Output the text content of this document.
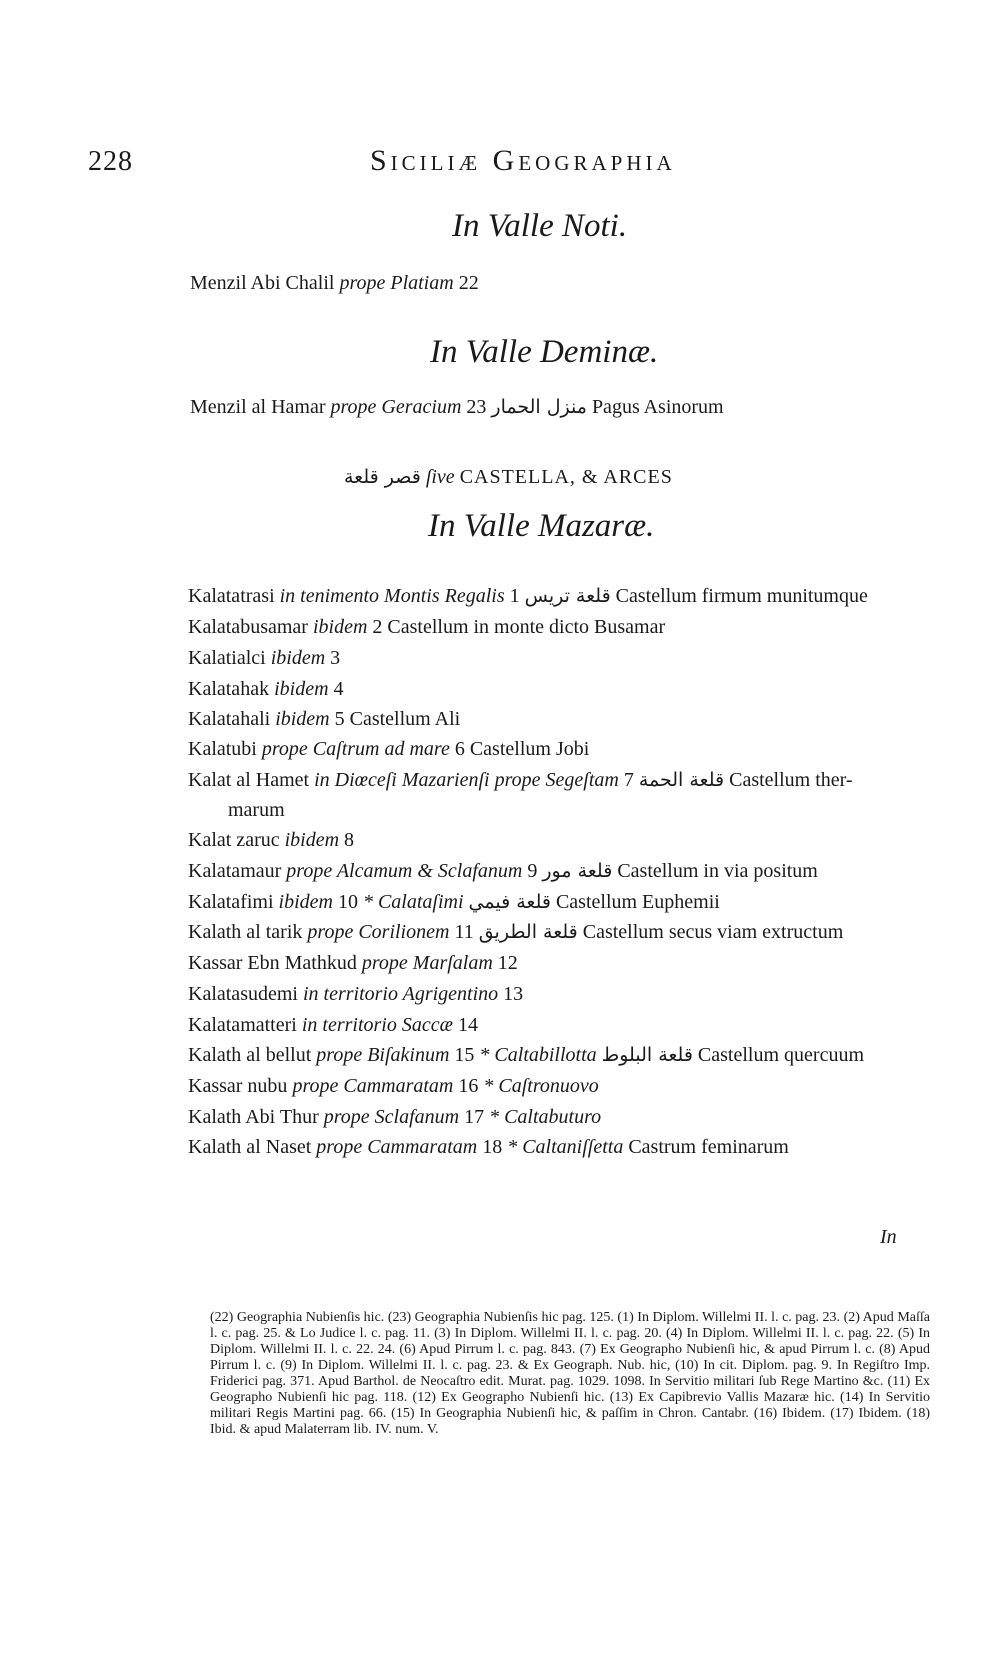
228	Siciliæ Geographia
In Valle Noti.
Menzil Abi Chalil prope Platiam 22
In Valle Deminæ.
Menzil al Hamar prope Geracium 23 منزل الحمار Pagus Asinorum
قصر قلعة ſive CASTELLA, & ARCES
In Valle Mazaræ.
Kalatatrasi in tenimento Montis Regalis 1 قلعة تريس Castellum firmum munitumque
Kalatabusamar ibidem 2 Castellum in monte dicto Busamar
Kalatialci ibidem 3
Kalatahak ibidem 4
Kalatahali ibidem 5 Castellum Ali
Kalatubi prope Caſtrum ad mare 6 Castellum Jobi
Kalat al Hamet in Diœceſi Mazarienſi prope Segeſtam 7 قلعة الحمة Castellum ther-
marum
Kalat zaruc ibidem 8
Kalatamaur prope Alcamum & Sclafanum 9 قلعة مور Castellum in via positum
Kalatafimi ibidem 10 * Calataſimi قلعة فيمي Castellum Euphemii
Kalath al tarik prope Corilionem 11 قلعة الطريق Castellum secus viam extructum
Kassar Ebn Mathkud prope Marſalam 12
Kalatasudemi in territorio Agrigentino 13
Kalatamatteri in territorio Saccæ 14
Kalath al bellut prope Biſakinum 15 * Caltabillotta قلعة البلوط Castellum quercuum
Kassar nubu prope Cammaratam 16 * Caſtronuovo
Kalath Abi Thur prope Sclafanum 17 * Caltabuturo
Kalath al Naset prope Cammaratam 18 * Caltaniſſetta Castrum feminarum
In
(22) Geographia Nubienſis hic. (23) Geographia Nubienſis hic pag. 125. (1) In Diplom. Willelmi II. l. c. pag. 23. (2) Apud Maſſa l. c. pag. 25. & Lo Judice l. c. pag. 11. (3) In Diplom. Willelmi II. l. c. pag. 20. (4) In Diplom. Willelmi II. l. c. pag. 22. (5) In Diplom. Willelmi II. l. c. 22. 24. (6) Apud Pirrum l. c. pag. 843. (7) Ex Geographo Nubienſi hic, & apud Pirrum l. c. (8) Apud Pirrum l. c. (9) In Diplom. Willelmi II. l. c. pag. 23. & Ex Geograph. Nub. hic, (10) In cit. Diplom. pag. 9. In Regiſtro Imp. Friderici pag. 371. Apud Barthol. de Neocaſtro edit. Murat. pag. 1029. 1098. In Servitio militari ſub Rege Martino &c. (11) Ex Geographo Nubienſi hic pag. 118. (12) Ex Geographo Nubienſi hic. (13) Ex Capibrevio Vallis Mazaræ hic. (14) In Servitio militari Regis Martini pag. 66. (15) In Geographia Nubienſi hic, & paſſim in Chron. Cantabr. (16) Ibidem. (17) Ibidem. (18) Ibid. & apud Malaterram lib. IV. num. V.
